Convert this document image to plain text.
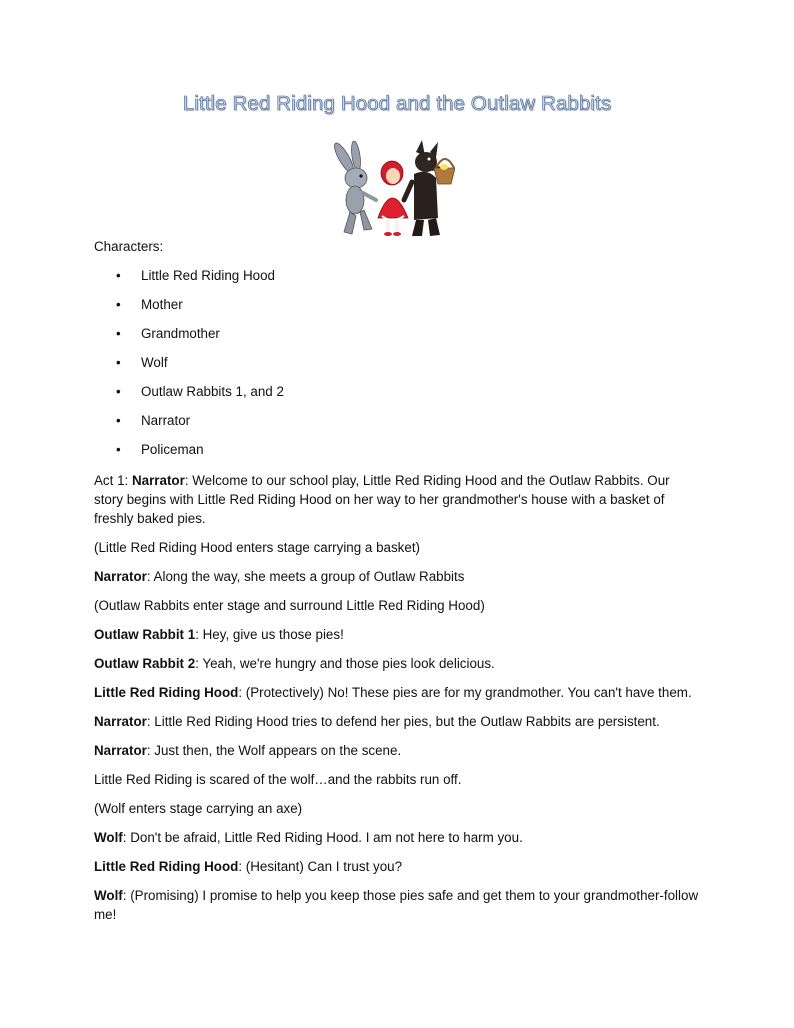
Little Red Riding Hood and the Outlaw Rabbits
Characters:
• Little Red Riding Hood
• Mother
• Grandmother
• Wolf
• Outlaw Rabbits 1, and 2
• Narrator
• Policeman
Act 1: Narrator: Welcome to our school play, Little Red Riding Hood and the Outlaw Rabbits. Our story begins with Little Red Riding Hood on her way to her grandmother's house with a basket of freshly baked pies.
(Little Red Riding Hood enters stage carrying a basket)
Narrator: Along the way, she meets a group of Outlaw Rabbits
(Outlaw Rabbits enter stage and surround Little Red Riding Hood)
Outlaw Rabbit 1: Hey, give us those pies!
Outlaw Rabbit 2: Yeah, we're hungry and those pies look delicious.
Little Red Riding Hood: (Protectively) No! These pies are for my grandmother. You can't have them.
Narrator: Little Red Riding Hood tries to defend her pies, but the Outlaw Rabbits are persistent.
Narrator: Just then, the Wolf appears on the scene.
Little Red Riding is scared of the wolf…and the rabbits run off.
(Wolf enters stage carrying an axe)
Wolf: Don't be afraid, Little Red Riding Hood. I am not here to harm you.
Little Red Riding Hood: (Hesitant) Can I trust you?
Wolf: (Promising) I promise to help you keep those pies safe and get them to your grandmother-follow me!
